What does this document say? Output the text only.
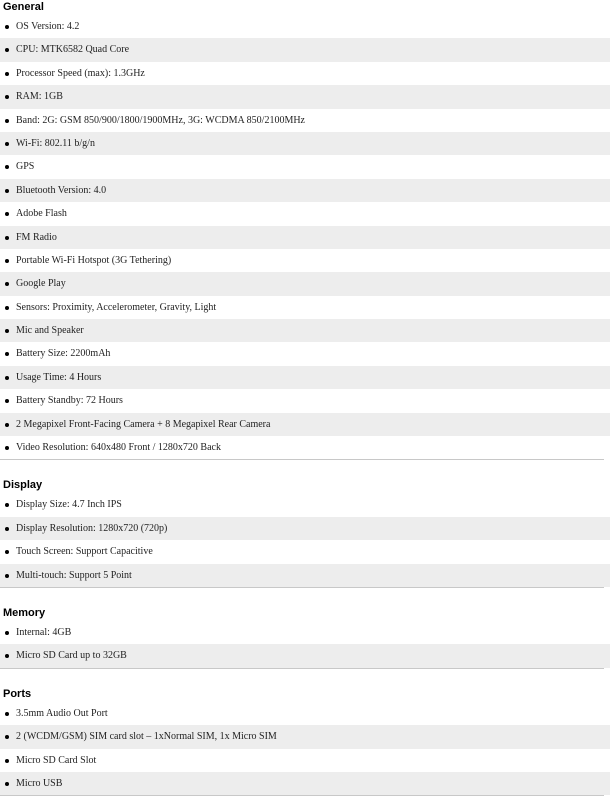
General
OS Version: 4.2
CPU: MTK6582 Quad Core
Processor Speed (max): 1.3GHz
RAM: 1GB
Band: 2G: GSM 850/900/1800/1900MHz, 3G: WCDMA 850/2100MHz
Wi-Fi: 802.11 b/g/n
GPS
Bluetooth Version: 4.0
Adobe Flash
FM Radio
Portable Wi-Fi Hotspot (3G Tethering)
Google Play
Sensors: Proximity, Accelerometer, Gravity, Light
Mic and Speaker
Battery Size: 2200mAh
Usage Time: 4 Hours
Battery Standby: 72 Hours
2 Megapixel Front-Facing Camera + 8 Megapixel Rear Camera
Video Resolution: 640x480 Front / 1280x720 Back
Display
Display Size: 4.7 Inch IPS
Display Resolution: 1280x720 (720p)
Touch Screen: Support Capacitive
Multi-touch: Support 5 Point
Memory
Internal: 4GB
Micro SD Card up to 32GB
Ports
3.5mm Audio Out Port
2 (WCDM/GSM) SIM card slot – 1xNormal SIM, 1x Micro SIM
Micro SD Card Slot
Micro USB
